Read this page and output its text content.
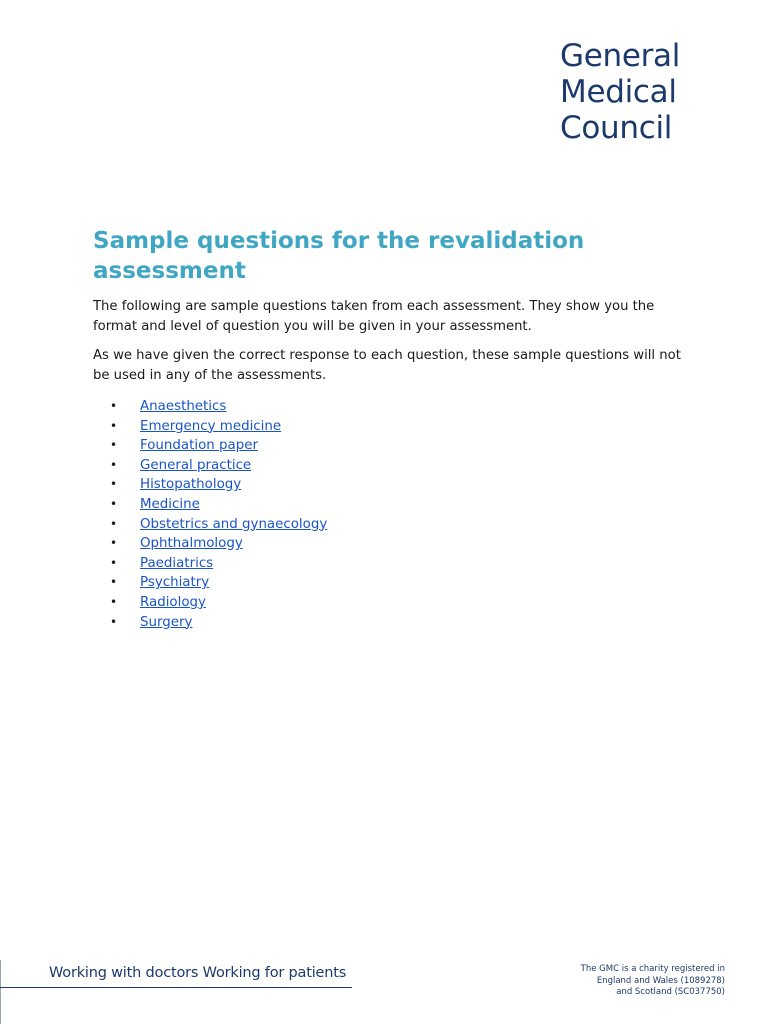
General
Medical
Council
Sample questions for the revalidation assessment

The following are sample questions taken from each assessment. They show you the format and level of question you will be given in your assessment.

As we have given the correct response to each question, these sample questions will not be used in any of the assessments.

•	Anaesthetics
•	Emergency medicine
•	Foundation paper
•	General practice
•	Histopathology
•	Medicine
•	Obstetrics and gynaecology
•	Ophthalmology
•	Paediatrics
•	Psychiatry
•	Radiology
•	Surgery
Working with doctors Working for patients	The GMC is a charity registered in
England and Wales (1089278)
and Scotland (SC037750)
